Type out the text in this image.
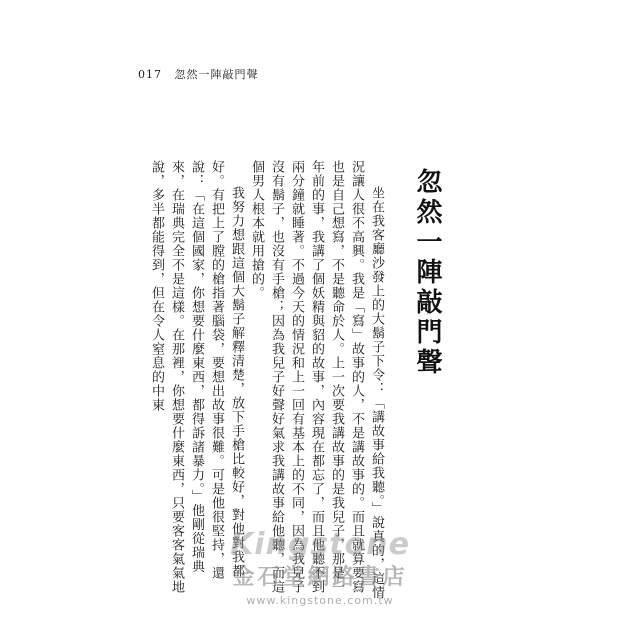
017 忽然一陣敲門聲
忽然一陣敲門聲

坐在我客廳沙發上的大鬍子下令：「講故事給我聽。」說真的，這情況讓人很不高興。我是「寫」故事的人，不是講故事的。而且就算要寫也是自己想寫，不是聽命於人。上一次要我講故事的是我兒子，那是一年前的事，我講了個妖精與貂的故事，內容現在都忘了，而且他聽不到兩分鐘就睡著。不過今天的情況和上一回有基本上的不同，因為我兒子沒有鬍子，也沒有手槍；因為我兒子好聲好氣求我講故事給他聽，而這個男人根本就用搶的。

我努力想跟這個大鬍子解釋清楚，放下手槍比較好，對他對我都好。有把上了膛的槍指著腦袋，要想出故事很難。可是他很堅持，還說：「在這個國家，你想要什麼東西，都得訴諸暴力。」他剛從瑞典來，在瑞典完全不是這樣。在那裡，你想要什麼東西，只要客客氣氣地說，多半都能得到，但在令人窒息的中東

Kingstone
金石堂網路書店
www.kingstone.com.tw
